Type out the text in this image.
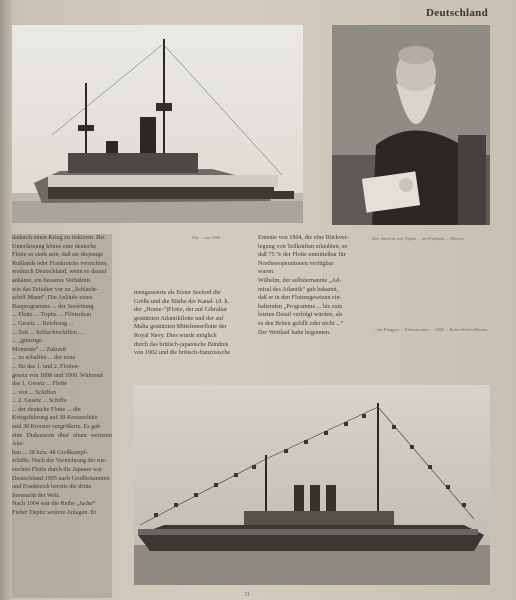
Deutschland

Die ... um 1900.	Der Admiral von Tirpitz ... im Frühjahr ... Marine.

... mit Flaggen ... Flottenschau ... 1908 ... Kaiserlichen Marine.

dadurch einen Krieg zu riskieren. Bei

Unterlassung könne eine deutsche

Flotte so stark sein, daß sie diejenige

Rußlands oder Frankreichs vernichten,

wodurch Deutschland, wenn es darauf

ankäme, ein besseres Verhältnis

wie das Zeitalter vor zu „Schlacht-

schiff Mann“. Die Anläufe eines

Bauprogramms ... der Seeleitung

... Flotte ... Tirpitz ... Flöttenbau

... Gesetz ... Reichstag ...

... Zeit ... Schlachtschiffen ...

... „günstige

Momente“ ... Zukunft

... zu schaffen ... der erste

... für das 1. und 2. Flotten-

gesetz von 1898 und 1900. Während

das 1. Gesetz ... Flotte

... von ... Schiffen

... 2. Gesetz ... Schiffe

... der deutsche Flotte ... die

Kriegsführung auf 38 Kreuzschäfe

und 38 Kreuzer vergrößerte. Es gab

eine Diskussion über einen weiteren Aus-

bau ... 38 bzw. 48 Großkampf-

schiffe. Nach der Vernichtung der rus-

sischen Flotte durch die Japaner war

Deutschland 1905 nach Großbritannien

und Frankreich bereits die dritte

Seemacht der Welt.

Nach 1904 war die Reihe „Jacke“

Fisher Tirpitz weitere Anlagen. Er

mengassierte als Erster Seelord die

Größe und die Stärke der Kanal- (d. h.

der „Home-“)Flotte, der auf Gibraltar

gestützten Atlantikflotte und der auf

Malta gestützten Mittelmeerflotte der

Royal Navy. Dies wurde möglich

durch das britisch-japanische Bündnis

von 1902 und die britisch-französische

Entente von 1904, die eine Rückver-

legung von Teilkräften erlaubten, so

daß 75 % der Flotte unmittelbar für

Nordseeoperationen verfügbar

waren.

Wilhelm, der selbsternannte „Ad-

miral des Atlantik“ gab bekannt,

daß er in den Flottengesetzen ein-

haltenden „Programme ... bis zum

letzten Detail verfolgt würden, als

es den Briten gefällt oder nicht ...“

Der Wettlauf hatte begonnen.

31
